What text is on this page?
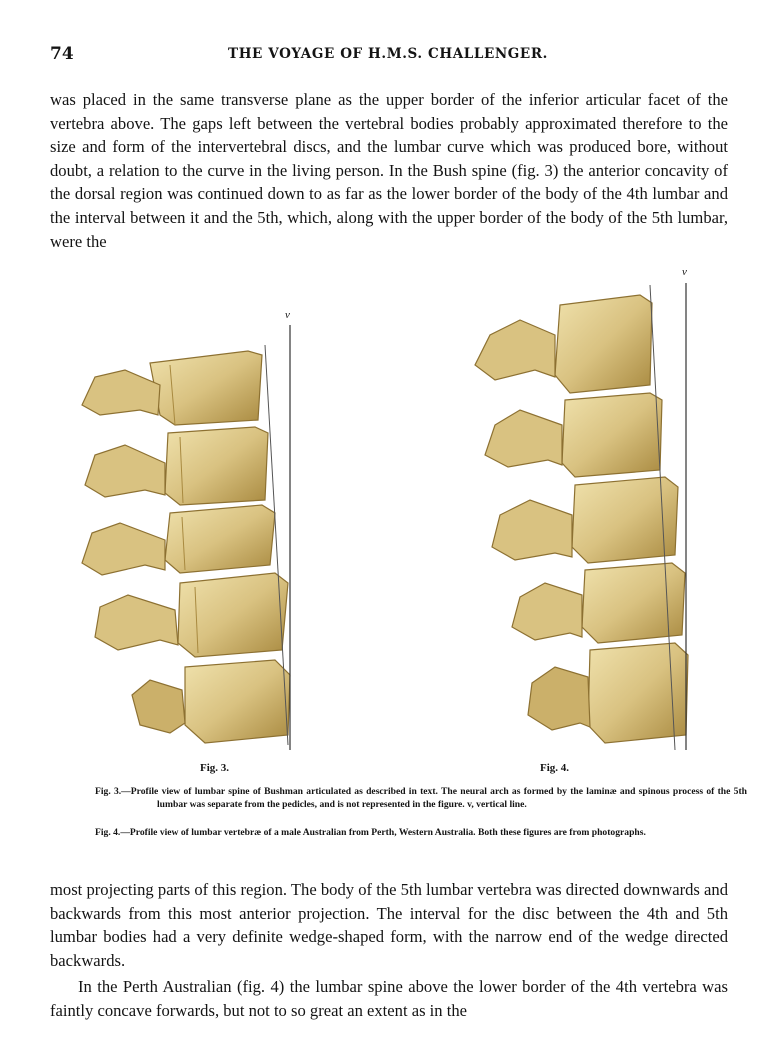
74	THE VOYAGE OF H.M.S. CHALLENGER.

was placed in the same transverse plane as the upper border of the inferior articular facet of the vertebra above. The gaps left between the vertebral bodies probably approximated therefore to the size and form of the intervertebral discs, and the lumbar curve which was produced bore, without doubt, a relation to the curve in the living person. In the Bush spine (fig. 3) the anterior concavity of the dorsal region was continued down to as far as the lower border of the body of the 4th lumbar and the interval between it and the 5th, which, along with the upper border of the body of the 5th lumbar, were the

v
v
Fig. 3.	Fig. 4.

Fig. 3.—Profile view of lumbar spine of Bushman articulated as described in text. The neural arch as formed by the laminæ and spinous process of the 5th lumbar was separate from the pedicles, and is not represented in the figure. v, vertical line.

Fig. 4.—Profile view of lumbar vertebræ of a male Australian from Perth, Western Australia. Both these figures are from photographs.

most projecting parts of this region. The body of the 5th lumbar vertebra was directed downwards and backwards from this most anterior projection. The interval for the disc between the 4th and 5th lumbar bodies had a very definite wedge-shaped form, with the narrow end of the wedge directed backwards.

In the Perth Australian (fig. 4) the lumbar spine above the lower border of the 4th vertebra was faintly concave forwards, but not to so great an extent as in the
